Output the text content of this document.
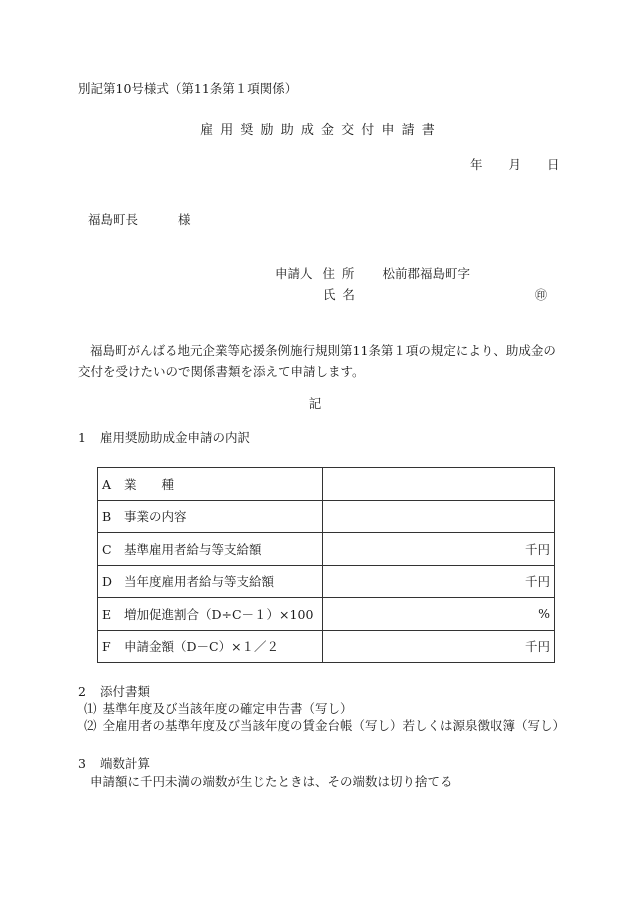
別記第10号様式（第11条第１項関係）
雇用奨励助成金交付申請書
年 月 日
福島町長	様
申請人 住所 松前郡福島町字
氏名	㊞
福島町がんばる地元企業等応援条例施行規則第11条第１項の規定により、助成金の交付を受けたいので関係書類を添えて申請します。
記
1 雇用奨励助成金申請の内訳
A 業　　種	
B 事業の内容	
C 基準雇用者給与等支給額	千円
D 当年度雇用者給与等支給額	千円
E 増加促進割合（D÷C－１）×100	%
F 申請金額（D－C）×１／２	千円
2 添付書類
⑴ 基準年度及び当該年度の確定申告書（写し）
⑵ 全雇用者の基準年度及び当該年度の賃金台帳（写し）若しくは源泉徴収簿（写し）
3 端数計算
申請額に千円未満の端数が生じたときは、その端数は切り捨てる
